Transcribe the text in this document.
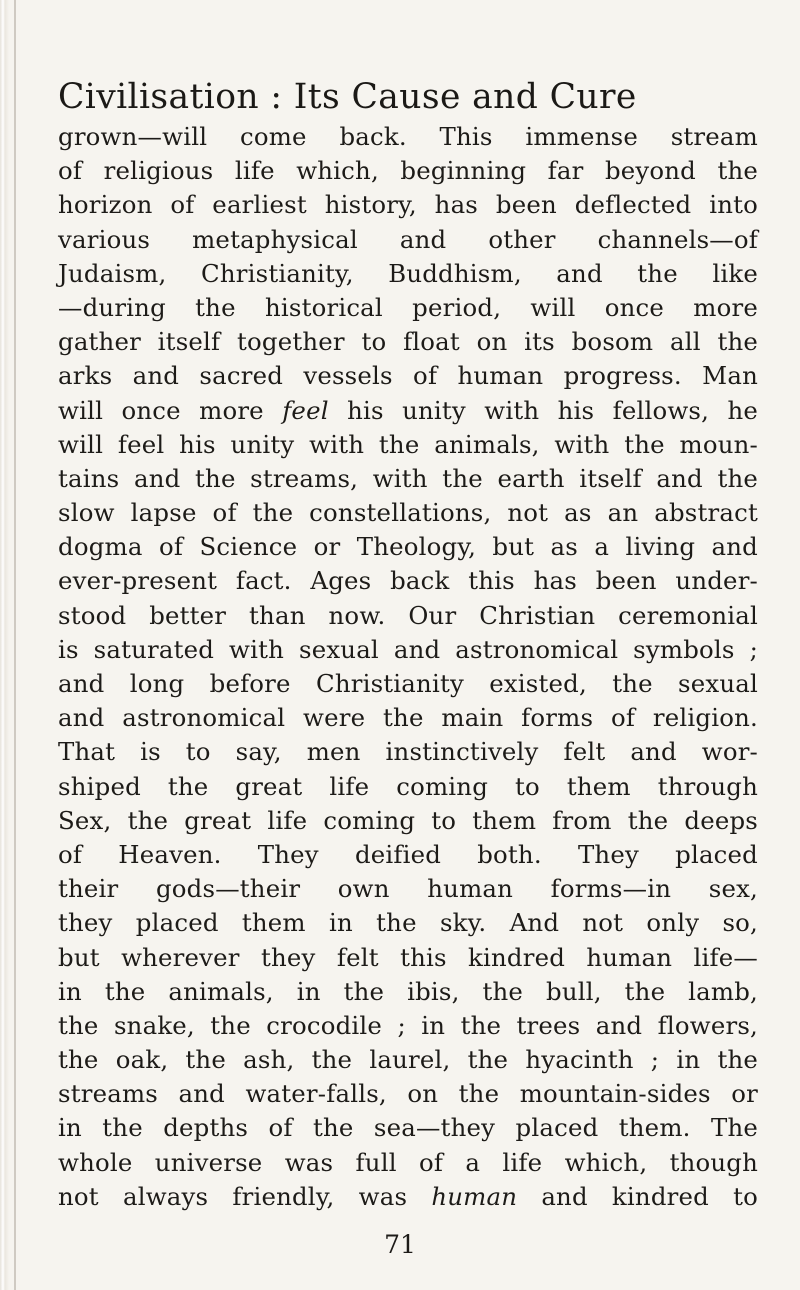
Civilisation : Its Cause and Cure
grown—will come back. This immense stream
of religious life which, beginning far beyond the
horizon of earliest history, has been deflected into
various metaphysical and other channels—of
Judaism, Christianity, Buddhism, and the like
—during the historical period, will once more
gather itself together to float on its bosom all the
arks and sacred vessels of human progress. Man
will once more feel his unity with his fellows, he
will feel his unity with the animals, with the moun-
tains and the streams, with the earth itself and the
slow lapse of the constellations, not as an abstract
dogma of Science or Theology, but as a living and
ever-present fact. Ages back this has been under-
stood better than now. Our Christian ceremonial
is saturated with sexual and astronomical symbols ;
and long before Christianity existed, the sexual
and astronomical were the main forms of religion.
That is to say, men instinctively felt and wor-
shiped the great life coming to them through
Sex, the great life coming to them from the deeps
of Heaven. They deified both. They placed
their gods—their own human forms—in sex,
they placed them in the sky. And not only so,
but wherever they felt this kindred human life—
in the animals, in the ibis, the bull, the lamb,
the snake, the crocodile ; in the trees and flowers,
the oak, the ash, the laurel, the hyacinth ; in the
streams and water-falls, on the mountain-sides or
in the depths of the sea—they placed them. The
whole universe was full of a life which, though
not always friendly, was human and kindred to
71
